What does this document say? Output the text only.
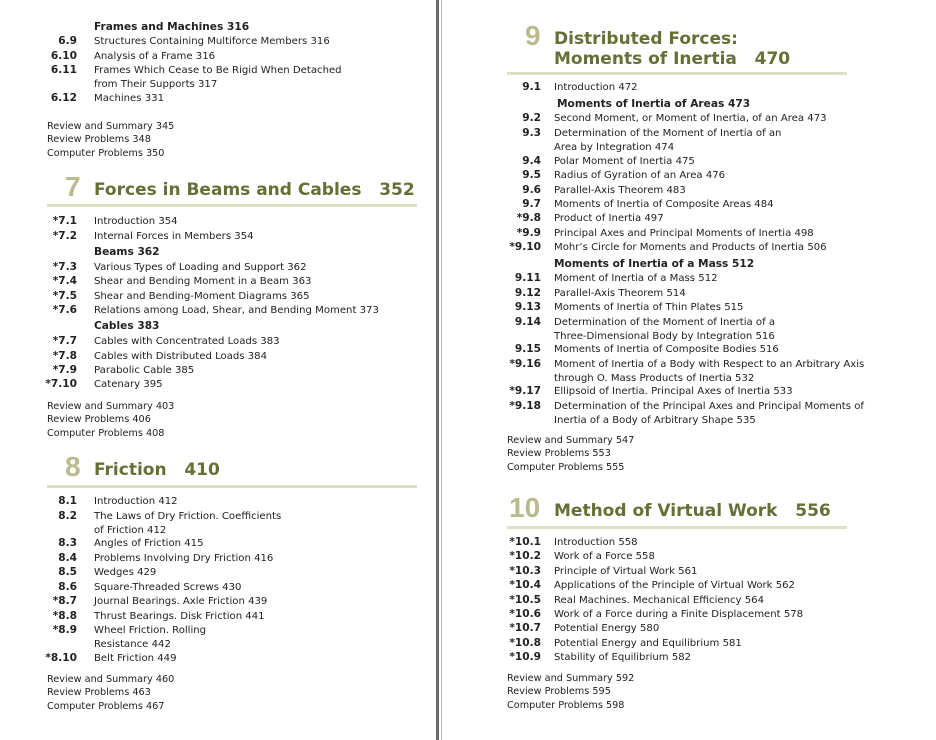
Frames and Machines 316
6.9 Structures Containing Multiforce Members 316
6.10 Analysis of a Frame 316
6.11 Frames Which Cease to Be Rigid When Detached
from Their Supports 317
6.12 Machines 331
Review and Summary 345
Review Problems 348
Computer Problems 350
7 Forces in Beams and Cables 352
*7.1 Introduction 354
*7.2 Internal Forces in Members 354
*7.3 Various Types of Loading and Support 362
*7.4 Shear and Bending Moment in a Beam 363
*7.5 Shear and Bending-Moment Diagrams 365
*7.6 Relations among Load, Shear, and Bending Moment 373
*7.7 Cables with Concentrated Loads 383
*7.8 Cables with Distributed Loads 384
*7.9 Parabolic Cable 385
*7.10 Catenary 395
Beams 362
Cables 383
Review and Summary 403
Review Problems 406
Computer Problems 408
8 Friction 410
8.1 Introduction 412
8.2 The Laws of Dry Friction. Coefficients
of Friction 412
8.3 Angles of Friction 415
8.4 Problems Involving Dry Friction 416
8.5 Wedges 429
8.6 Square-Threaded Screws 430
*8.7 Journal Bearings. Axle Friction 439
*8.8 Thrust Bearings. Disk Friction 441
*8.9 Wheel Friction. Rolling
Resistance 442
*8.10 Belt Friction 449
Review and Summary 460
Review Problems 463
Computer Problems 467
9 Distributed Forces:
Moments of Inertia 470
9.1 Introduction 472
Moments of Inertia of Areas 473
9.2 Second Moment, or Moment of Inertia, of an Area 473
9.3 Determination of the Moment of Inertia of an
Area by Integration 474
9.4 Polar Moment of Inertia 475
9.5 Radius of Gyration of an Area 476
9.6 Parallel-Axis Theorem 483
9.7 Moments of Inertia of Composite Areas 484
*9.8 Product of Inertia 497
*9.9 Principal Axes and Principal Moments of Inertia 498
*9.10 Mohr’s Circle for Moments and Products of Inertia 506
Moments of Inertia of a Mass 512
9.11 Moment of Inertia of a Mass 512
9.12 Parallel-Axis Theorem 514
9.13 Moments of Inertia of Thin Plates 515
9.14 Determination of the Moment of Inertia of a
Three-Dimensional Body by Integration 516
9.15 Moments of Inertia of Composite Bodies 516
*9.16 Moment of Inertia of a Body with Respect to an Arbitrary Axis
through O. Mass Products of Inertia 532
*9.17 Ellipsoid of Inertia. Principal Axes of Inertia 533
*9.18 Determination of the Principal Axes and Principal Moments of
Inertia of a Body of Arbitrary Shape 535
Review and Summary 547
Review Problems 553
Computer Problems 555
10 Method of Virtual Work 556
*10.1 Introduction 558
*10.2 Work of a Force 558
*10.3 Principle of Virtual Work 561
*10.4 Applications of the Principle of Virtual Work 562
*10.5 Real Machines. Mechanical Efficiency 564
*10.6 Work of a Force during a Finite Displacement 578
*10.7 Potential Energy 580
*10.8 Potential Energy and Equilibrium 581
*10.9 Stability of Equilibrium 582
Review and Summary 592
Review Problems 595
Computer Problems 598
